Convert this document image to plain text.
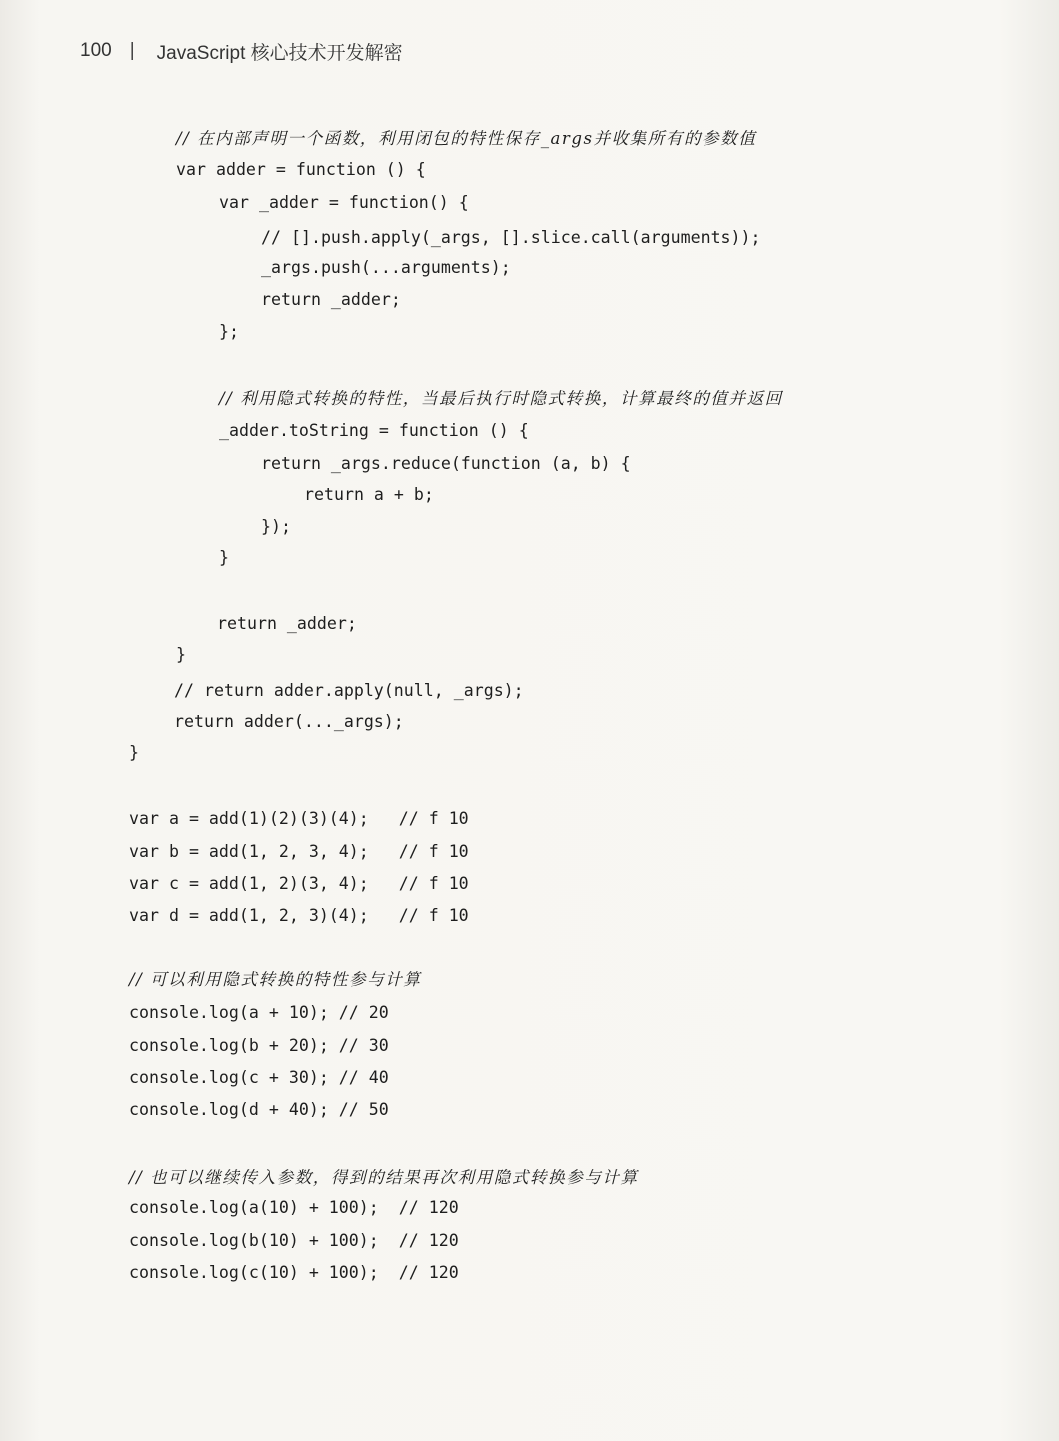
100 | JavaScript 核心技术开发解密
// 在内部声明一个函数，利用闭包的特性保存_args并收集所有的参数值
var adder = function () {
var _adder = function() {
// [].push.apply(_args, [].slice.call(arguments));
_args.push(...arguments);
return _adder;
};
// 利用隐式转换的特性，当最后执行时隐式转换，计算最终的值并返回
_adder.toString = function () {
return _args.reduce(function (a, b) {
return a + b;
});
}
return _adder;
}
// return adder.apply(null, _args);
return adder(..._args);
}
var a = add(1)(2)(3)(4);   // f 10
var b = add(1, 2, 3, 4);   // f 10
var c = add(1, 2)(3, 4);   // f 10
var d = add(1, 2, 3)(4);   // f 10
// 可以利用隐式转换的特性参与计算
console.log(a + 10); // 20
console.log(b + 20); // 30
console.log(c + 30); // 40
console.log(d + 40); // 50
// 也可以继续传入参数，得到的结果再次利用隐式转换参与计算
console.log(a(10) + 100);  // 120
console.log(b(10) + 100);  // 120
console.log(c(10) + 100);  // 120
